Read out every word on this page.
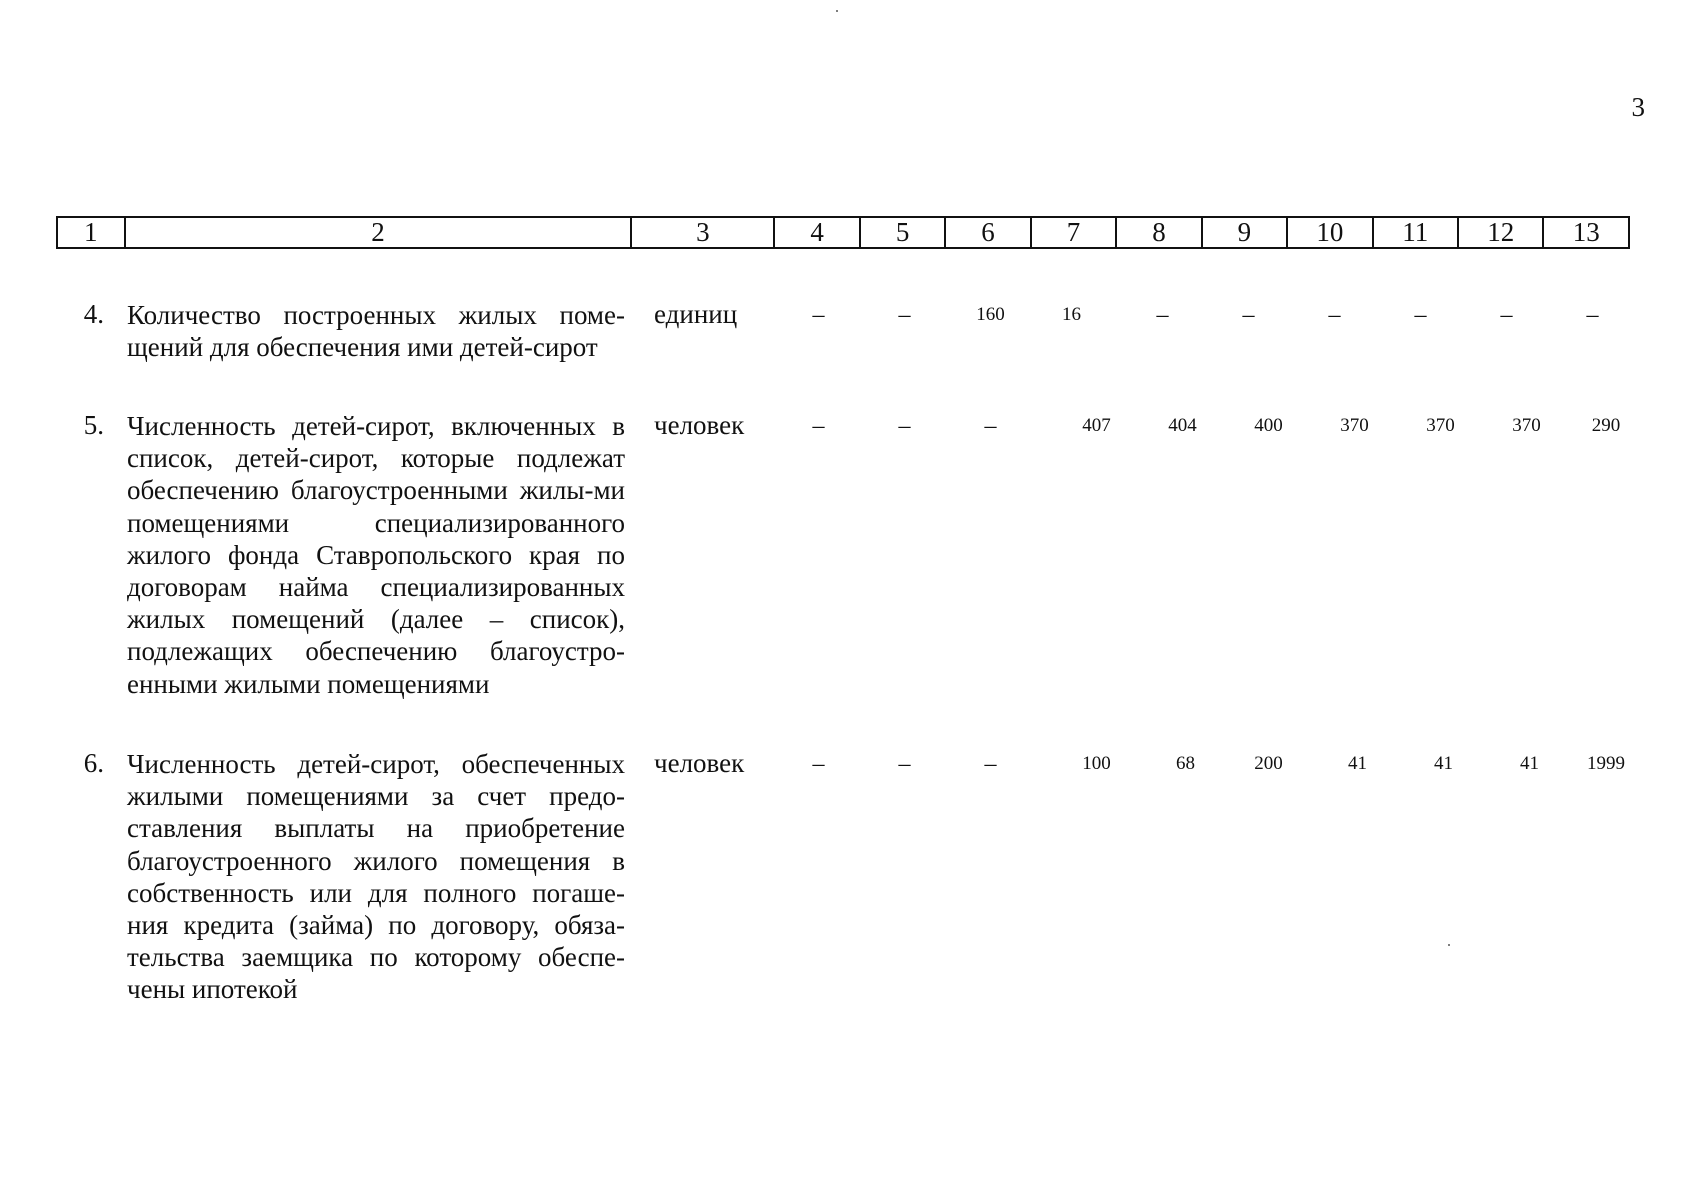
3
1	2	3	4	5	6	7	8	9	10	11	12	13
4. Количество построенных жилых поме-щений для обеспечения ими детей-сирот
единиц	–	–	160	16	–	–	–	–	–	–
5. Численность детей-сирот, включенных в список, детей-сирот, которые подлежат обеспечению благоустроенными жилы-ми помещениями специализированного жилого фонда Ставропольского края по договорам найма специализированных жилых помещений (далее – список), подлежащих обеспечению благоустро-енными жилыми помещениями
человек	–	–	–	407	404	400	370	370	370	290
6. Численность детей-сирот, обеспеченных жилыми помещениями за счет предо-ставления выплаты на приобретение благоустроенного жилого помещения в собственность или для полного погаше-ния кредита (займа) по договору, обяза-тельства заемщика по которому обеспе-чены ипотекой
человек	–	–	–	100	68	200	41	41	41	1999
